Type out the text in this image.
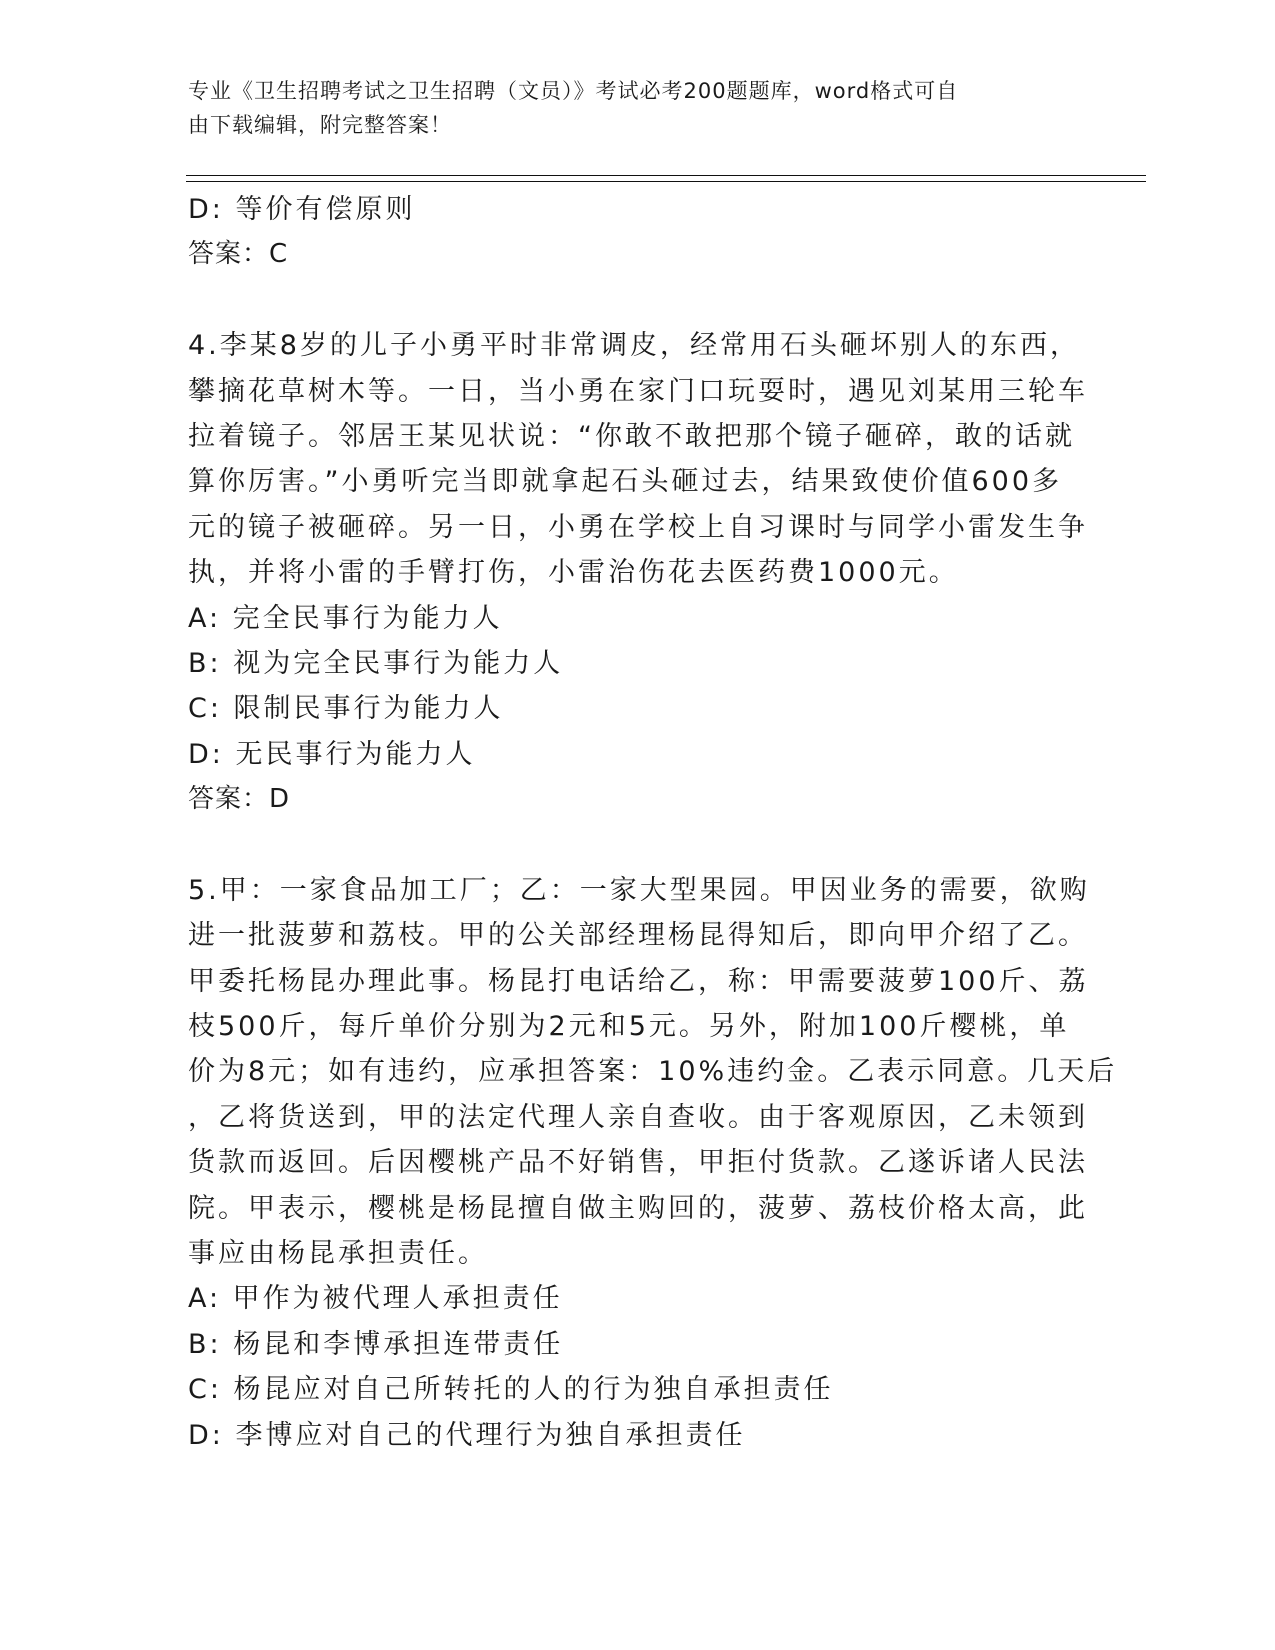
专业《卫生招聘考试之卫生招聘（文员）》考试必考200题题库，word格式可自
由下载编辑，附完整答案！
D: 等价有偿原则
答案：C
4.李某8岁的儿子小勇平时非常调皮，经常用石头砸坏别人的东西，
攀摘花草树木等。一日，当小勇在家门口玩耍时，遇见刘某用三轮车
拉着镜子。邻居王某见状说：“你敢不敢把那个镜子砸碎，敢的话就
算你厉害。”小勇听完当即就拿起石头砸过去，结果致使价值600多
元的镜子被砸碎。另一日，小勇在学校上自习课时与同学小雷发生争
执，并将小雷的手臂打伤，小雷治伤花去医药费1000元。
A: 完全民事行为能力人
B: 视为完全民事行为能力人
C: 限制民事行为能力人
D: 无民事行为能力人
答案：D
5.甲：一家食品加工厂；乙：一家大型果园。甲因业务的需要，欲购
进一批菠萝和荔枝。甲的公关部经理杨昆得知后，即向甲介绍了乙。
甲委托杨昆办理此事。杨昆打电话给乙，称：甲需要菠萝100斤、荔
枝500斤，每斤单价分别为2元和5元。另外，附加100斤樱桃，单
价为8元；如有违约，应承担答案：10%违约金。乙表示同意。几天后
，乙将货送到，甲的法定代理人亲自查收。由于客观原因，乙未领到
货款而返回。后因樱桃产品不好销售，甲拒付货款。乙遂诉诸人民法
院。甲表示，樱桃是杨昆擅自做主购回的，菠萝、荔枝价格太高，此
事应由杨昆承担责任。
A: 甲作为被代理人承担责任
B: 杨昆和李博承担连带责任
C: 杨昆应对自己所转托的人的行为独自承担责任
D: 李博应对自己的代理行为独自承担责任
